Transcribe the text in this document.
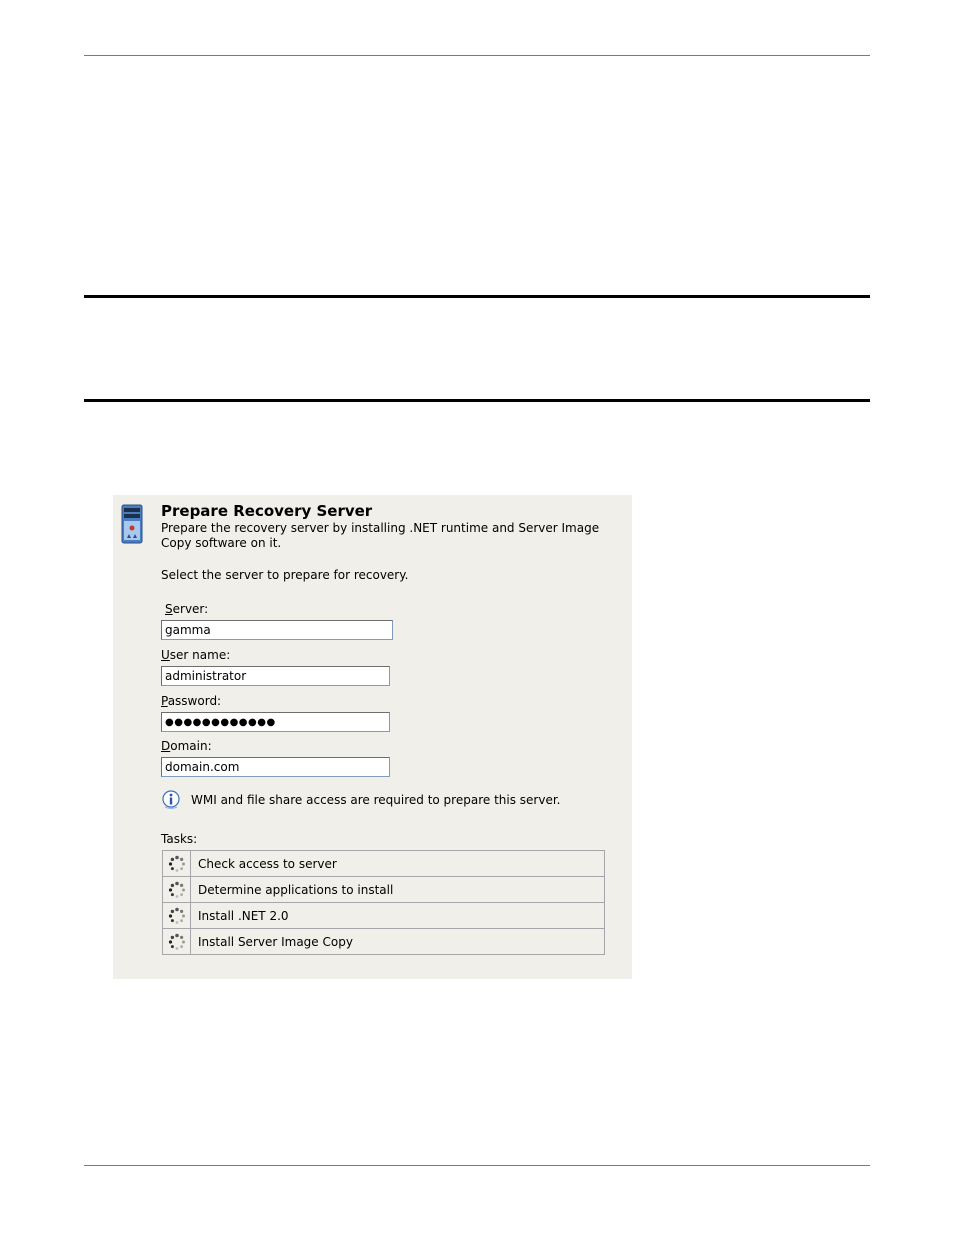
Prepare Recovery Server
Prepare the recovery server by installing .NET runtime and Server Image Copy software on it.
Select the server to prepare for recovery.
Server:
gamma
User name:
administrator
Password:
●●●●●●●●●●●●
Domain:
domain.com
WMI and file share access are required to prepare this server.
Tasks:
	Check access to server
	Determine applications to install
	Install .NET 2.0
	Install Server Image Copy
